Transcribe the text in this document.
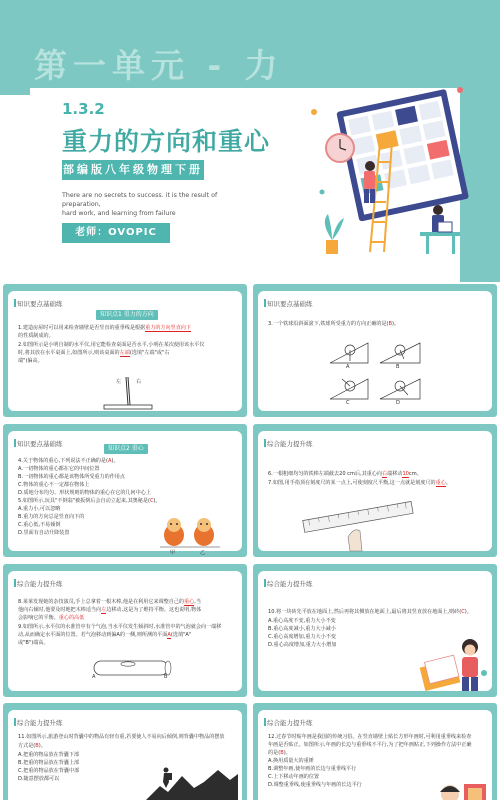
第一单元 - 力
1.3.2
重力的方向和重心
部编版八年级物理下册
There are no secrets to success. it is the result of preparation,
hard work, and learning from failure
老师：OVOPIC
知识要点基础练
知识点1 重力的方向
1.建造房屋时可以用来检查墙壁是否竖直的重垂线是根据重力的方向竖直向下
的性质制成的。
2.如图所示是小明自制的水平仪,用它能检查桌面是否水平,小明在某次使用该水平仪
时,将其放在水平桌面上,如图所示,则该桌面的左端(选填"左端"或"右
端")偏高。
左	右
知识要点基础练
3.一个铁球沿斜面滚下,铁球所受重力的方向正确的是(B)。
A	B
C	D
知识要点基础练
知识点2 重心
4.关于物体的重心,下列说法不正确的是(A)。
A.一切物体的重心都在它的中间位置
B.一切物体的重心都是该物体所受重力的作用点
C.物体的重心不一定都在物体上
D.质地分布均匀、形状规则的物体的重心在它的几何中心上
5.如图所示,玩具"不倒翁"被扳倒后会自动立起来,其奥秘是(C)。
A.重力小,可以忽略
B.重力的方向总是竖直向下的
C.重心低,不易倾倒
D.里面有自动升降装置
甲	乙
综合能力提升练
6.一根粗细均匀的铁棒左端截去20 cm后,其重心向右端移动10cm。
7.如图,用手指顶在刻度尺的某一点上,可使刻度尺平衡,这一点就是刻度尺的重心。
综合能力提升练
8.莱莱发现她的杂技演员,手上总拿着一根木棒,他是在利用它来调整自己的重心,当
他向右倾时,他要及时地把木棒适当向左边移动,这是为了维持平衡。这也说明,物体
会影响它的平衡。重心的高低
9.如图所示,水平仪的水准管中有个气泡,当水平仪发生倾斜时,水准管中的气泡就会向一端移
动,从而确定水平面的位置。若气泡移动到偏A的一侧,则所测的平面A(选填"A"
或"B")端高。
A	B
综合能力提升练
10.将一块砖先平放在地面上,然后再将其侧放在地面上,最后将其竖直放在地面上,则砖(C)。
A.重心高度不变,重力大小不变
B.重心高度减小,重力大小减小
C.重心高度增加,重力大小不变
D.重心高度增加,重力大小增加
综合能力提升练
11.如图所示,旅游登山时背囊中的物品有轻有重,若要使人不易向后倾倒,则背囊中物品的摆放
方式是(B)。
A.把重的物品放在背囊下部
B.把重的物品放在背囊上部
C.把重的物品放在背囊中部
D.随意摆放都可以
综合能力提升练
12.过春节时贴年画是我国的传统习俗。在竖直墙壁上贴长方形年画时,可利用重垂线来检查
年画是否贴正。如图所示,年画的长边与重垂线不平行,为了把年画贴正,下列操作方法中正确
的是(B)。
A.换用质量大的重锤
B.调整年画,使年画的长边与重垂线平行
C.上下移动年画的位置
D.调整重垂线,使重垂线与年画的长边平行
